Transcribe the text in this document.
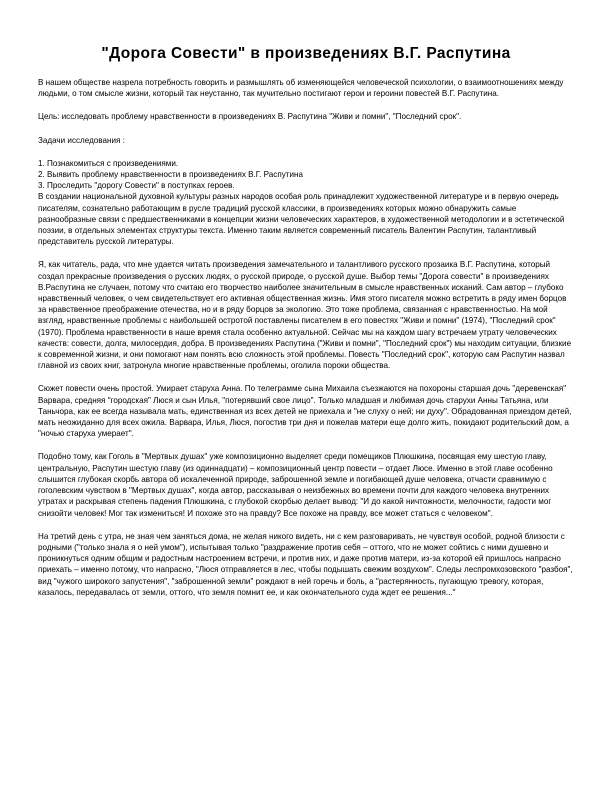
"Дорога Совести" в произведениях В.Г. Распутина
В нашем обществе назрела потребность говорить и размышлять об изменяющейся человеческой психологии, о взаимоотношениях между людьми, о том смысле жизни, который так неустанно, так мучительно постигают герои и героини повестей В.Г. Распутина.
Цель: исследовать проблему нравственности в произведениях В. Распутина "Живи и помни", "Последний срок".
Задачи исследования :
1. Познакомиться с произведениями.
2. Выявить проблему нравственности в произведениях В.Г. Распутина
3. Проследить "дорогу Совести" в поступках героев.
В создании национальной духовной культуры разных народов особая роль принадлежит художественной литературе и в первую очередь писателям, сознательно работающим в русле традиций русской классики, в произведениях которых можно обнаружить самые разнообразные связи с предшественниками в концепции жизни человеческих характеров, в художественной методологии и в эстетической поэзии, в отдельных элементах структуры текста. Именно таким является современный писатель Валентин Распутин, талантливый представитель русской литературы.
Я, как читатель, рада, что мне удается читать произведения замечательного и талантливого русского прозаика В.Г. Распутина, который создал прекрасные произведения о русских людях, о русской природе, о русской душе. Выбор темы "Дорога совести" в произведениях В.Распутина не случаен, потому что считаю его творчество наиболее значительным в смысле нравственных исканий. Сам автор – глубоко нравственный человек, о чем свидетельствует его активная общественная жизнь. Имя этого писателя можно встретить в ряду имен борцов за нравственное преображение отечества, но и в ряду борцов за экологию. Это тоже проблема, связанная с нравственностью. На мой взгляд, нравственные проблемы с наибольшей остротой поставлены писателем в его повестях "Живи и помни" (1974), "Последний срок" (1970). Проблема нравственности в наше время стала особенно актуальной. Сейчас мы на каждом шагу встречаем утрату человеческих качеств: совести, долга, милосердия, добра. В произведениях Распутина ("Живи и помни", "Последний срок") мы находим ситуации, близкие к современной жизни, и они помогают нам понять всю сложность этой проблемы. Повесть "Последний срок", которую сам Распутин назвал главной из своих книг, затронула многие нравственные проблемы, оголила пороки общества.
Сюжет повести очень простой. Умирает старуха Анна. По телеграмме сына Михаила съезжаются на похороны старшая дочь "деревенская" Варвара, средняя "городская" Люся и сын Илья, "потерявший свое лицо". Только младшая и любимая дочь старухи Анны Татьяна, или Таньчора, как ее всегда называла мать, единственная из всех детей не приехала и "не слуху о ней; ни духу". Обрадованная приездом детей, мать неожиданно для всех ожила. Варвара, Илья, Люся, погостив три дня и пожелав матери еще долго жить, покидают родительский дом, а "ночью старуха умерает".
Подобно тому, как Гоголь в "Мертвых душах" уже композиционно выделяет среди помещиков Плюшкина, посвящая ему шестую главу, центральную, Распутин шестую главу (из одиннадцати) – композиционный центр повести – отдает Люсе. Именно в этой главе особенно слышится глубокая скорбь автора об искалеченной природе, заброшенной земле и погибающей душе человека, отчасти сравнимую с гоголевским чувством в "Мертвых душах", когда автор, рассказывая о неизбежных во времени почти для каждого человека внутренних утратах и раскрывая степень падения Плюшкина, с глубокой скорбью делает вывод: "И до какой ничтожности, мелочности, гадости мог снизойти человек! Мог так измениться! И похоже это на правду? Все похоже на правду, все может статься с человеком".
На третий день с утра, не зная чем заняться дома, не желая никого видеть, ни с кем разговаривать, не чувствуя особой, родной близости с родными ("только знала я о ней умом"), испытывая только "раздражение против себя – оттого, что не может сойтись с ними душевно и проникнуться одним общим и радостным настроением встречи, и против них, и даже против матери, из-за которой ей пришлось напрасно приехать – именно потому, что напрасно, "Люся отправляется в лес, чтобы подышать свежим воздухом". Следы леспромхозовского "разбоя", вид "чужого широкого запустения", "заброшенной земли" рождают в ней горечь и боль, а "растерянность, пугающую тревогу, которая, казалось, передавалась от земли, оттого, что земля помнит ее, и как окончательного суда ждет ее решения..."
